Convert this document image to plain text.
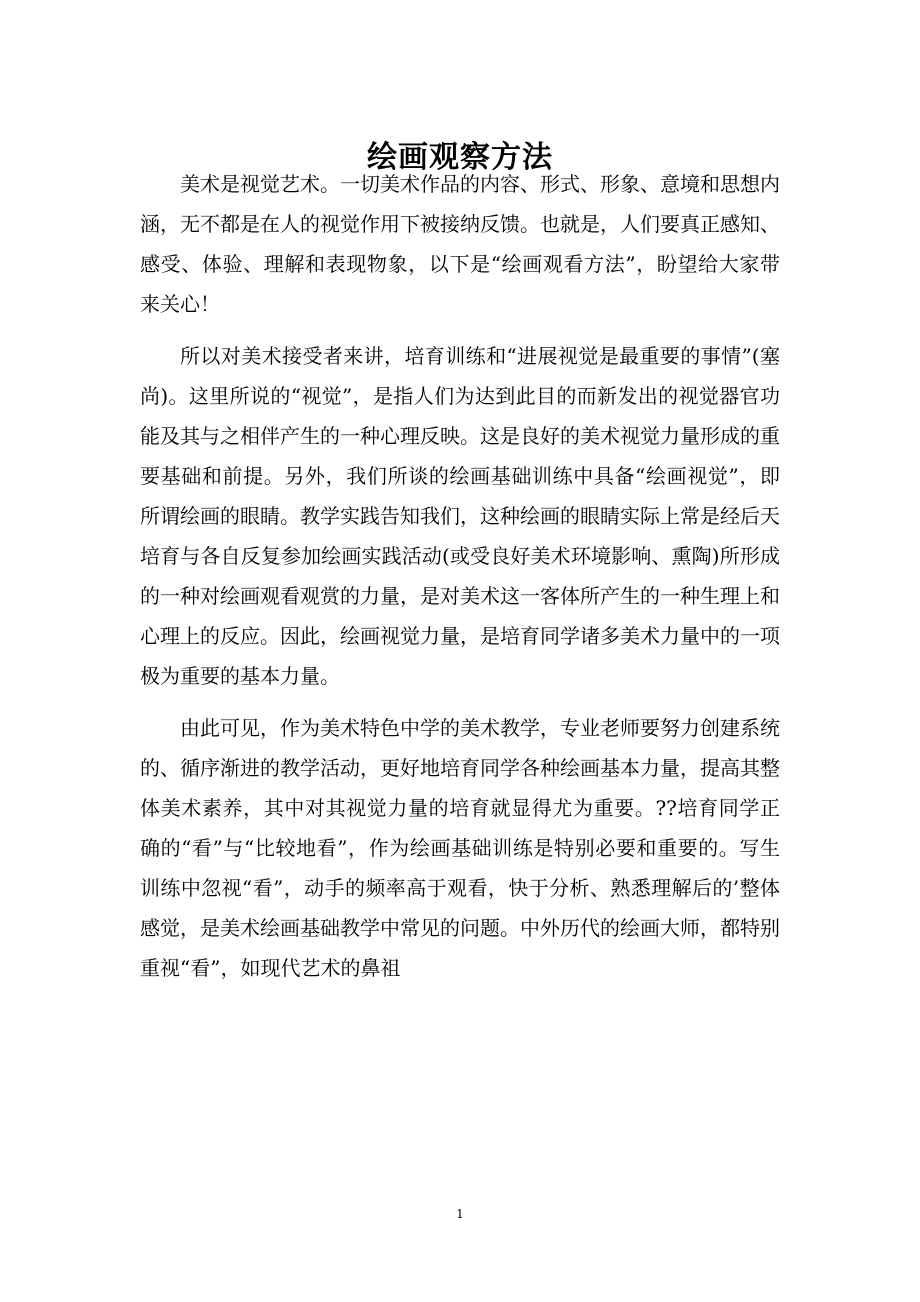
绘画观察方法

美术是视觉艺术。一切美术作品的内容、形式、形象、意境和思想内涵，无不都是在人的视觉作用下被接纳反馈。也就是，人们要真正感知、感受、体验、理解和表现物象，以下是“绘画观看方法”，盼望给大家带来关心！

所以对美术接受者来讲，培育训练和“进展视觉是最重要的事情”(塞尚)。这里所说的“视觉”，是指人们为达到此目的而新发出的视觉器官功能及其与之相伴产生的一种心理反映。这是良好的美术视觉力量形成的重要基础和前提。另外，我们所谈的绘画基础训练中具备“绘画视觉”，即所谓绘画的眼睛。教学实践告知我们，这种绘画的眼睛实际上常是经后天培育与各自反复参加绘画实践活动(或受良好美术环境影响、熏陶)所形成的一种对绘画观看观赏的力量，是对美术这一客体所产生的一种生理上和心理上的反应。因此，绘画视觉力量，是培育同学诸多美术力量中的一项极为重要的基本力量。

由此可见，作为美术特色中学的美术教学，专业老师要努力创建系统的、循序渐进的教学活动，更好地培育同学各种绘画基本力量，提高其整体美术素养，其中对其视觉力量的培育就显得尤为重要。??培育同学正确的“看”与“比较地看”，作为绘画基础训练是特别必要和重要的。写生训练中忽视“看”，动手的频率高于观看，快于分析、熟悉理解后的’整体感觉，是美术绘画基础教学中常见的问题。中外历代的绘画大师，都特别重视“看”，如现代艺术的鼻祖

1
